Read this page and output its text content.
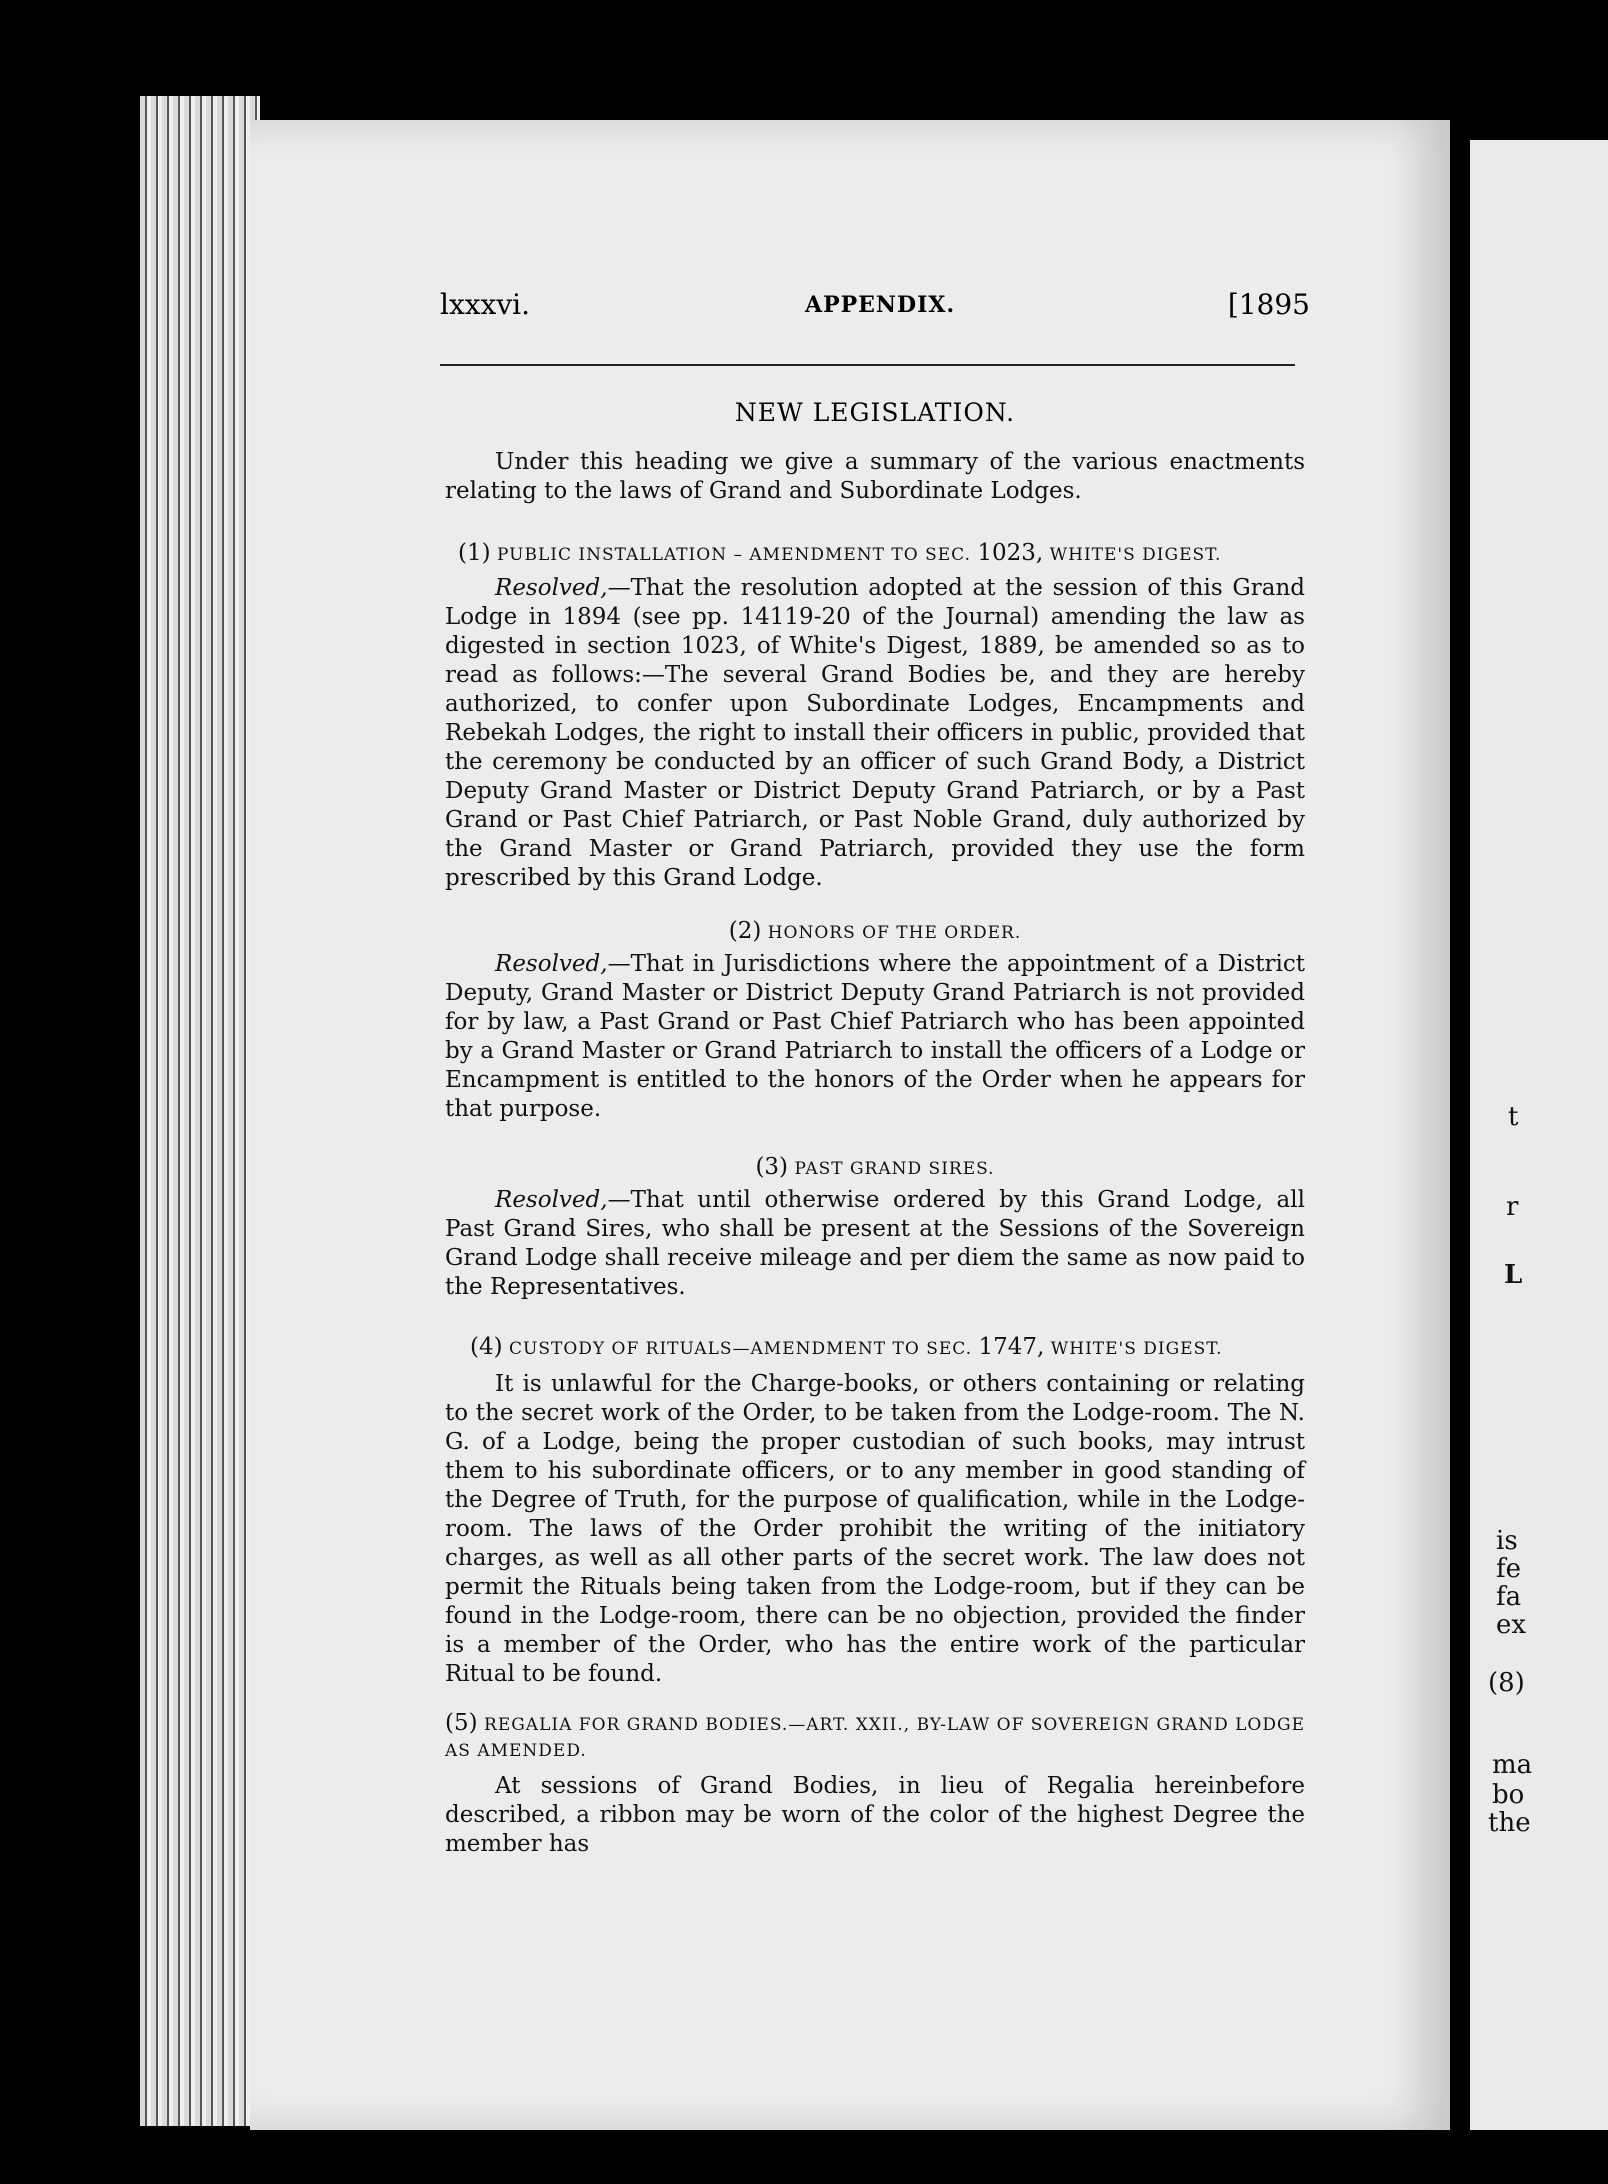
t
r
L
is
fe
fa
ex
(8)
ma
bo
the
lxxxvi.	APPENDIX.	[1895
NEW LEGISLATION.
Under this heading we give a summary of the various enactments relating to the laws of Grand and Subordinate Lodges.
(1) PUBLIC INSTALLATION – AMENDMENT TO SEC. 1023, WHITE'S DIGEST.
Resolved,—That the resolution adopted at the session of this Grand Lodge in 1894 (see pp. 14119-20 of the Journal) amending the law as digested in section 1023, of White's Digest, 1889, be amended so as to read as follows:—The several Grand Bodies be, and they are hereby authorized, to confer upon Subordinate Lodges, Encampments and Rebekah Lodges, the right to install their officers in public, provided that the ceremony be conducted by an officer of such Grand Body, a District Deputy Grand Master or District Deputy Grand Patriarch, or by a Past Grand or Past Chief Patriarch, or Past Noble Grand, duly authorized by the Grand Master or Grand Patriarch, provided they use the form prescribed by this Grand Lodge.
(2) HONORS OF THE ORDER.
Resolved,—That in Jurisdictions where the appointment of a District Deputy, Grand Master or District Deputy Grand Patriarch is not provided for by law, a Past Grand or Past Chief Patriarch who has been appointed by a Grand Master or Grand Patriarch to install the officers of a Lodge or Encampment is entitled to the honors of the Order when he appears for that purpose.
(3) PAST GRAND SIRES.
Resolved,—That until otherwise ordered by this Grand Lodge, all Past Grand Sires, who shall be present at the Sessions of the Sovereign Grand Lodge shall receive mileage and per diem the same as now paid to the Representatives.
(4) CUSTODY OF RITUALS—AMENDMENT TO SEC. 1747, WHITE'S DIGEST.
It is unlawful for the Charge-books, or others containing or relating to the secret work of the Order, to be taken from the Lodge-room. The N. G. of a Lodge, being the proper custodian of such books, may intrust them to his subordinate officers, or to any member in good standing of the Degree of Truth, for the purpose of qualification, while in the Lodge-room. The laws of the Order prohibit the writing of the initiatory charges, as well as all other parts of the secret work. The law does not permit the Rituals being taken from the Lodge-room, but if they can be found in the Lodge-room, there can be no objection, provided the finder is a member of the Order, who has the entire work of the particular Ritual to be found.
(5) REGALIA FOR GRAND BODIES.—ART. XXII., BY-LAW OF SOVEREIGN GRAND LODGE AS AMENDED.
At sessions of Grand Bodies, in lieu of Regalia hereinbefore described, a ribbon may be worn of the color of the highest Degree the member has
